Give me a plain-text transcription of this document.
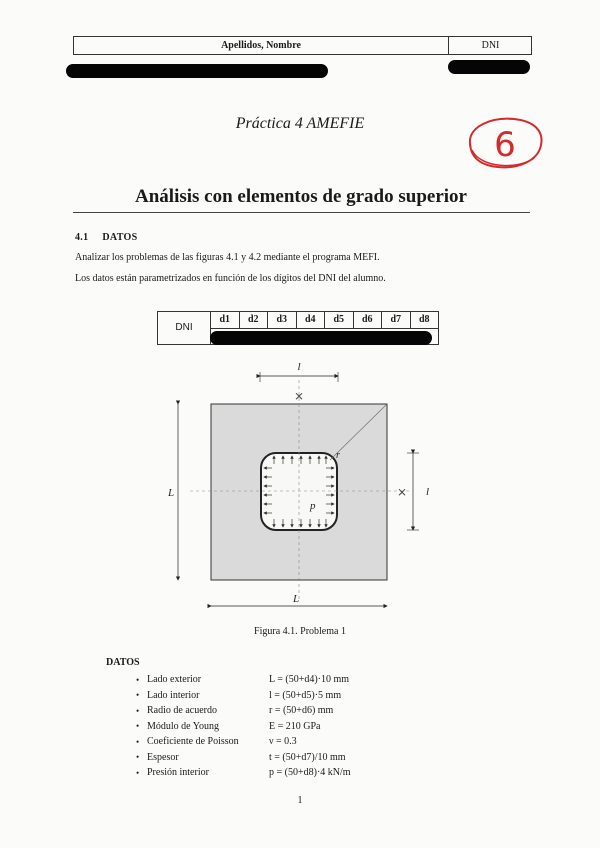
Apellidos, Nombre	DNI
Práctica 4 AMEFIE
6
Análisis con elementos de grado superior
4.1 DATOS
Analizar los problemas de las figuras 4.1 y 4.2 mediante el programa MEFI.
Los datos están parametrizados en función de los dígitos del DNI del alumno.
DNI
d1	d2	d3	d4	d5	d6	d7	d8
⨯
⨯
l
l
L
L
r
p
Figura 4.1. Problema 1
DATOS
• Lado exterior	L = (50+d4)·10 mm
• Lado interior	l = (50+d5)·5 mm
• Radio de acuerdo	r = (50+d6) mm
• Módulo de Young	E = 210 GPa
• Coeficiente de Poisson	ν = 0.3
• Espesor	t = (50+d7)/10 mm
• Presión interior	p = (50+d8)·4 kN/m
1
